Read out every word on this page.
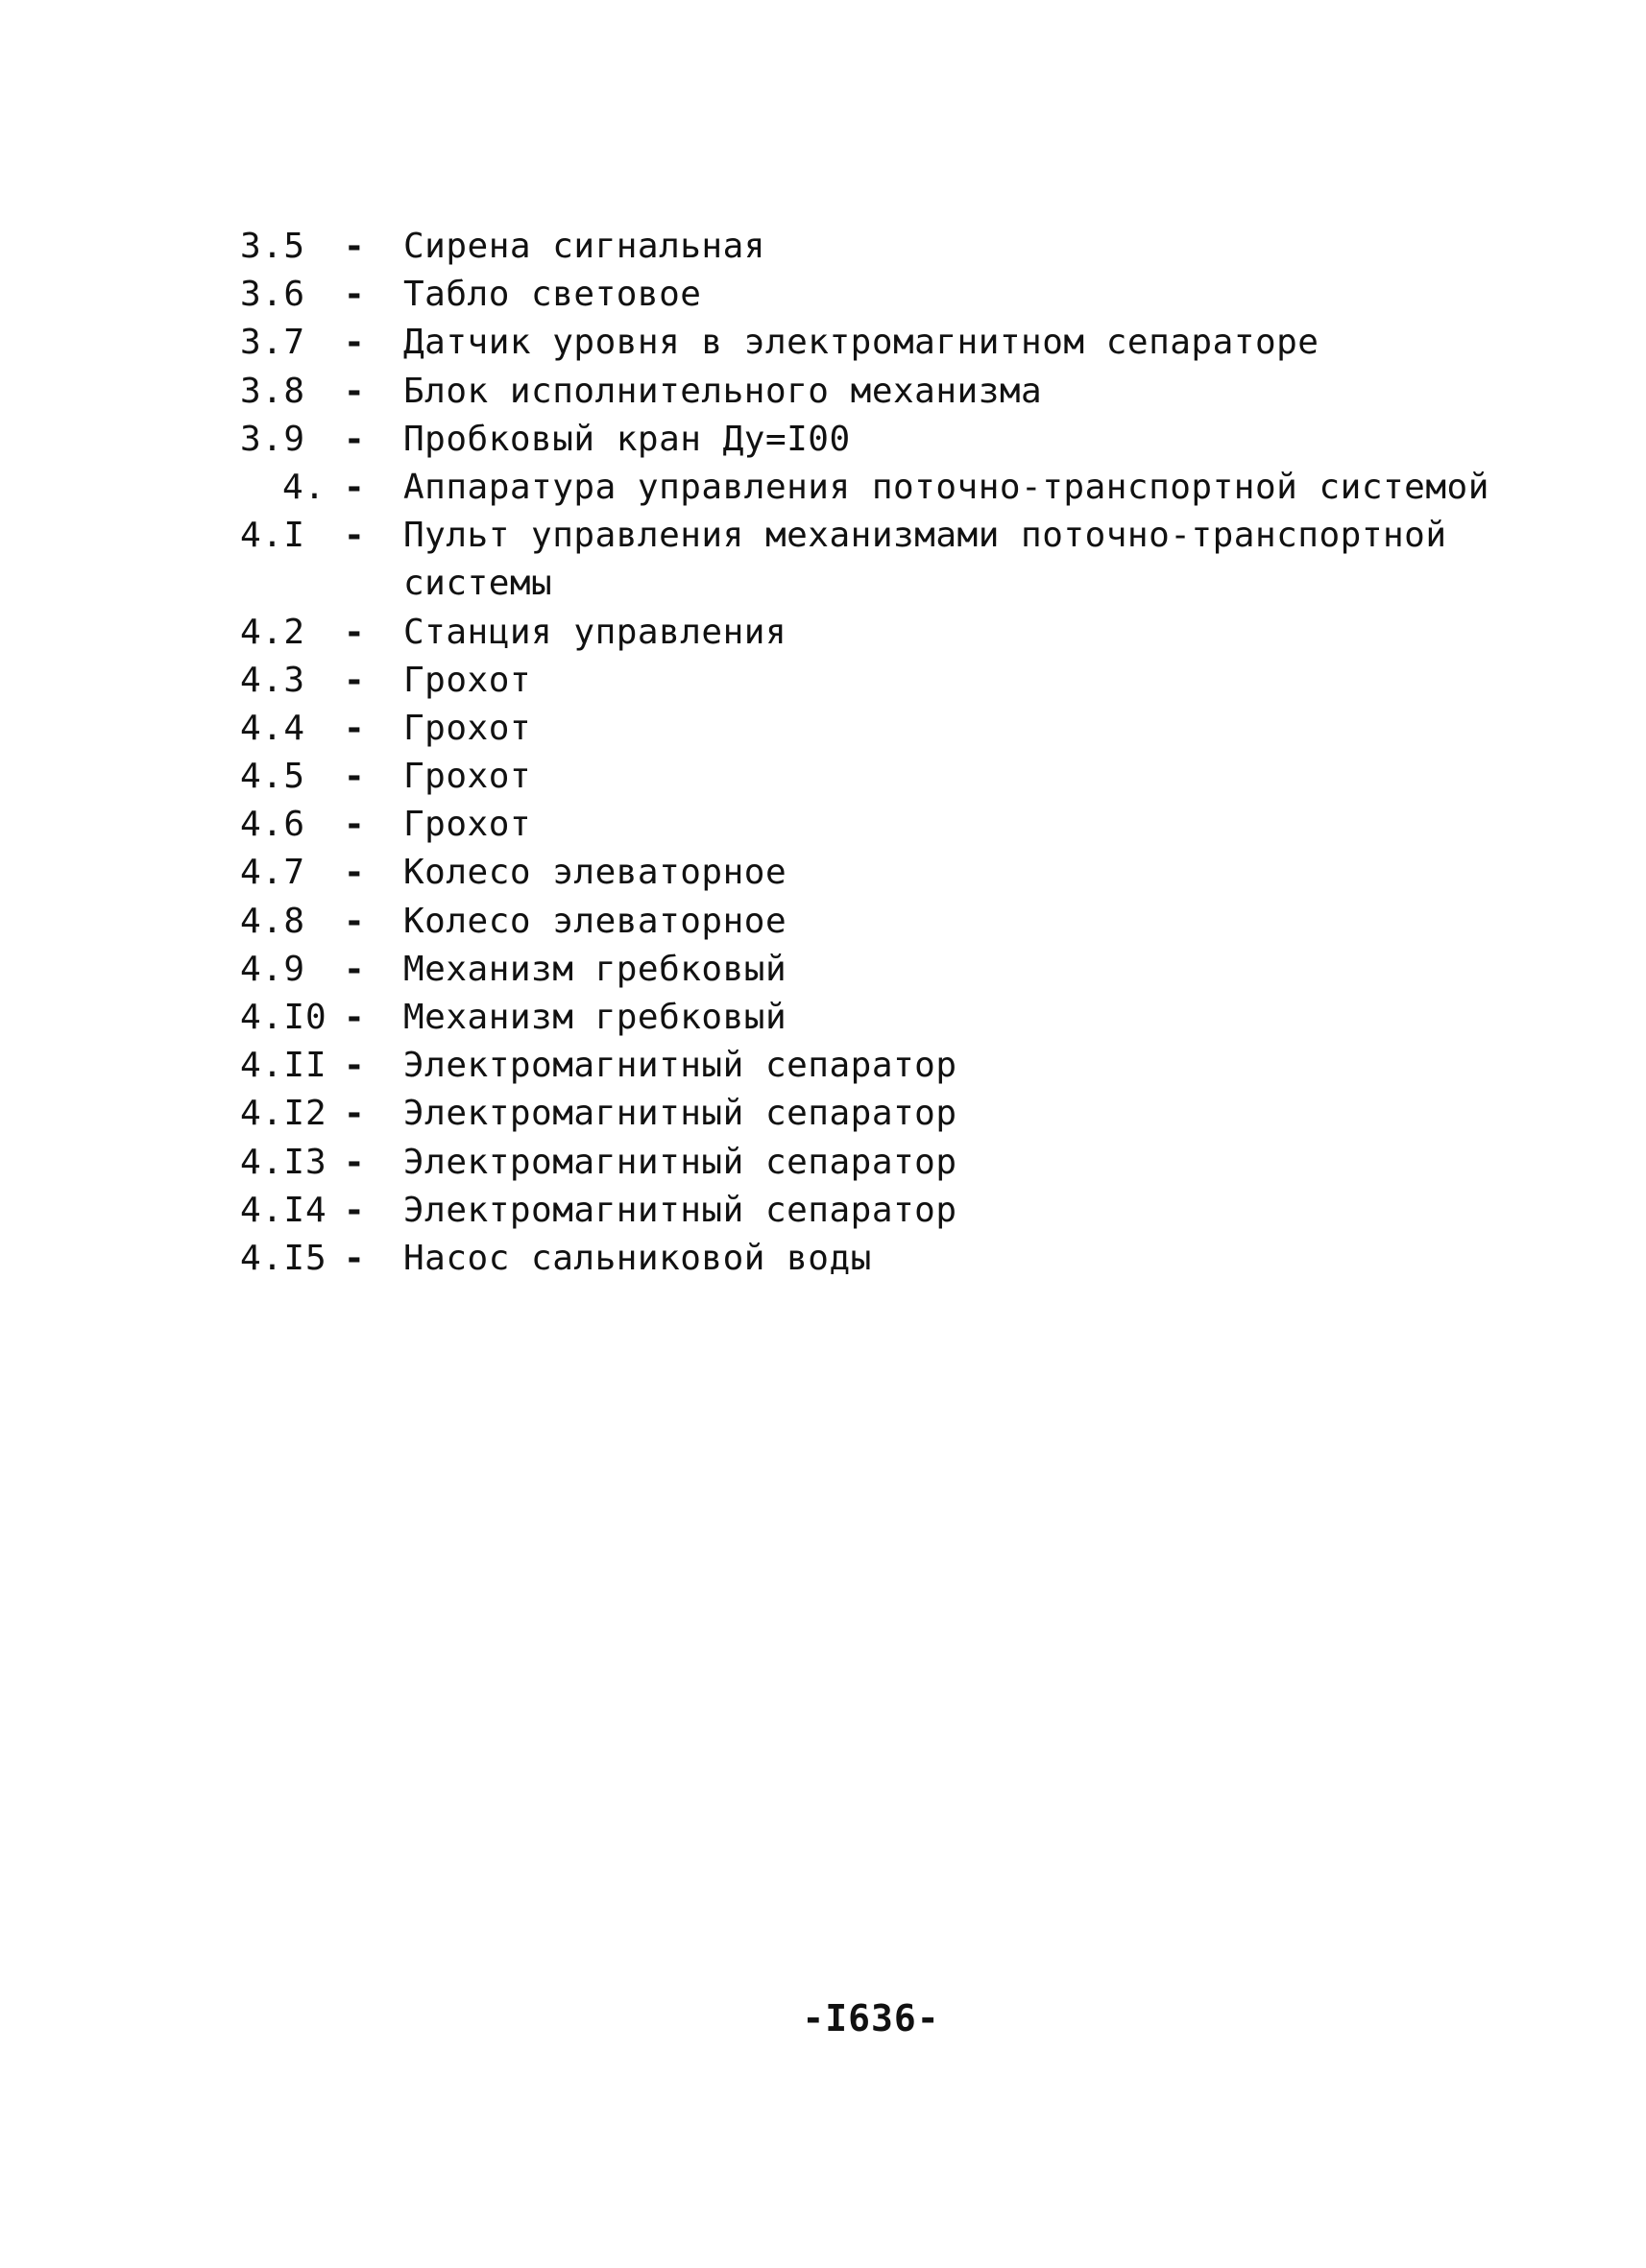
3.5	-	Сирена сигнальная
3.6	-	Табло световое
3.7	-	Датчик уровня в электромагнитном сепараторе
3.8	-	Блок исполнительного механизма
3.9	-	Пробковый кран Ду=I00
4. -	Аппаратура управления поточно-транспортной системой
4.I	-	Пульт управления механизмами поточно-транспортной
системы
4.2	-	Станция управления
4.3	-	Грохот
4.4	-	Грохот
4.5	-	Грохот
4.6	-	Грохот
4.7	-	Колесо элеваторное
4.8	-	Колесо элеваторное
4.9	-	Механизм гребковый
4.I0 -	Механизм гребковый
4.II -	Электромагнитный сепаратор
4.I2 -	Электромагнитный сепаратор
4.I3 -	Электромагнитный сепаратор
4.I4 -	Электромагнитный сепаратор
4.I5 -	Насос сальниковой воды
-I636-
